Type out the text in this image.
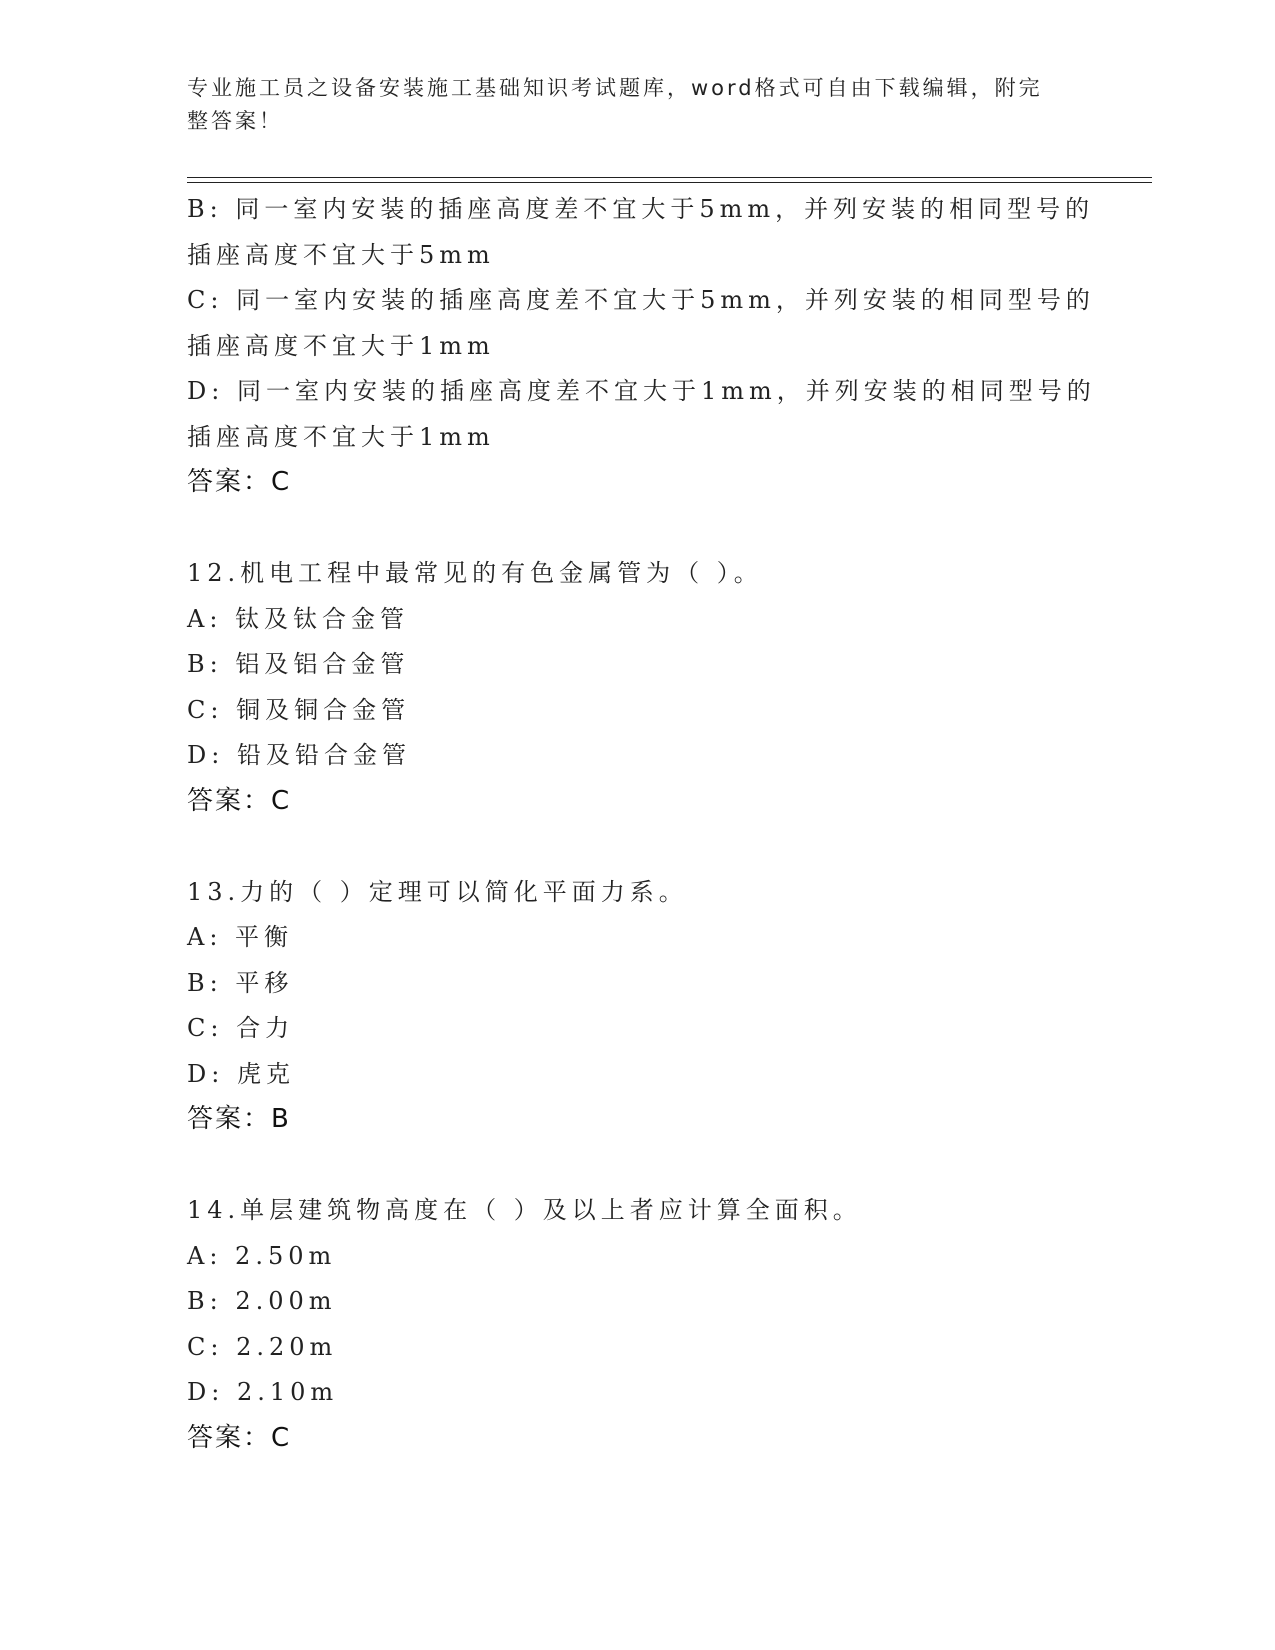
专业施工员之设备安装施工基础知识考试题库，word格式可自由下载编辑，附完
整答案！
B: 同一室内安装的插座高度差不宜大于5mm，并列安装的相同型号的
插座高度不宜大于5mm
C: 同一室内安装的插座高度差不宜大于5mm，并列安装的相同型号的
插座高度不宜大于1mm
D: 同一室内安装的插座高度差不宜大于1mm，并列安装的相同型号的
插座高度不宜大于1mm
答案：C
12.机电工程中最常见的有色金属管为（ ）。
A: 钛及钛合金管
B: 铝及铝合金管
C: 铜及铜合金管
D: 铅及铅合金管
答案：C
13.力的（ ）定理可以简化平面力系。
A: 平衡
B: 平移
C: 合力
D: 虎克
答案：B
14.单层建筑物高度在（ ）及以上者应计算全面积。
A: 2.50m
B: 2.00m
C: 2.20m
D: 2.10m
答案：C
